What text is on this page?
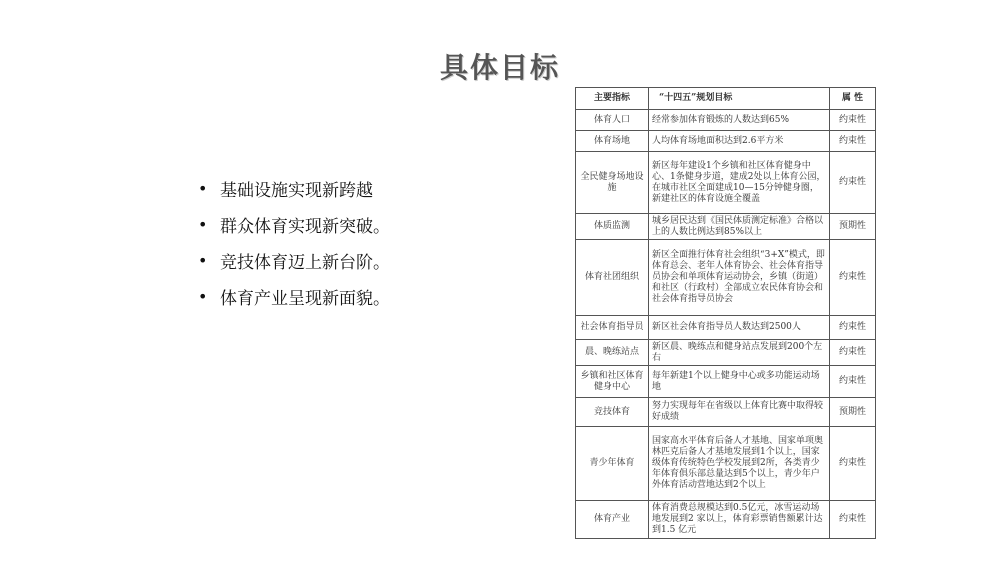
具体目标
• 基础设施实现新跨越
• 群众体育实现新突破。
• 竞技体育迈上新台阶。
• 体育产业呈现新面貌。
主要指标	“十四五”规划目标	属 性
体育人口	经常参加体育锻炼的人数达到65%	约束性
体育场地	人均体育场地面积达到2.6平方米	约束性
全民健身场地设施	新区每年建设1个乡镇和社区体育健身中心、1条健身步道，建成2处以上体育公园，在城市社区全面建成10—15分钟健身圈，新建社区的体育设施全覆盖	约束性
体质监测	城乡居民达到《国民体质测定标准》合格以上的人数比例达到85%以上	预期性
体育社团组织	新区全面推行体育社会组织“3+X”模式，即体育总会、老年人体育协会、社会体育指导员协会和单项体育运动协会，乡镇（街道）和社区（行政村）全部成立农民体育协会和社会体育指导员协会	约束性
社会体育指导员	新区社会体育指导员人数达到2500人	约束性
晨、晚练站点	新区晨、晚练点和健身站点发展到200个左右	约束性
乡镇和社区体育健身中心	每年新建1个以上健身中心或多功能运动场地	约束性
竞技体育	努力实现每年在省级以上体育比赛中取得较好成绩	预期性
青少年体育	国家高水平体育后备人才基地、国家单项奥林匹克后备人才基地发展到1个以上，国家级体育传统特色学校发展到2所，各类青少年体育俱乐部总量达到5个以上，青少年户外体育活动营地达到2个以上	约束性
体育产业	体育消费总规模达到0.5亿元，冰雪运动场地发展到2 家以上，体育彩票销售额累计达到1.5 亿元	约束性
